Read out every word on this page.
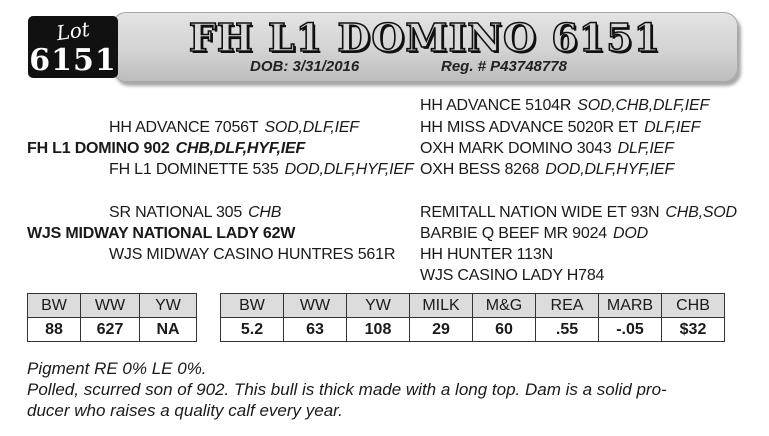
Lot
6151
FH L1 DOMINO 6151
DOB: 3/31/2016	Reg. # P43748778
HH ADVANCE 5104R SOD,CHB,DLF,IEF
HH ADVANCE 7056T SOD,DLF,IEF	HH MISS ADVANCE 5020R ET DLF,IEF
FH L1 DOMINO 902 CHB,DLF,HYF,IEF	OXH MARK DOMINO 3043 DLF,IEF
FH L1 DOMINETTE 535 DOD,DLF,HYF,IEF OXH BESS 8268 DOD,DLF,HYF,IEF
SR NATIONAL 305 CHB	REMITALL NATION WIDE ET 93N CHB,SOD
WJS MIDWAY NATIONAL LADY 62W	BARBIE Q BEEF MR 9024 DOD
WJS MIDWAY CASINO HUNTRES 561R HH HUNTER 113N
WJS CASINO LADY H784
BW	WW	YW
88	627	NA
BW	WW	YW	MILK	M&G	REA	MARB	CHB
5.2	63	108	29	60	.55	-.05	$32
Pigment RE 0% LE 0%.
Polled, scurred son of 902. This bull is thick made with a long top. Dam is a solid pro-
ducer who raises a quality calf every year.
